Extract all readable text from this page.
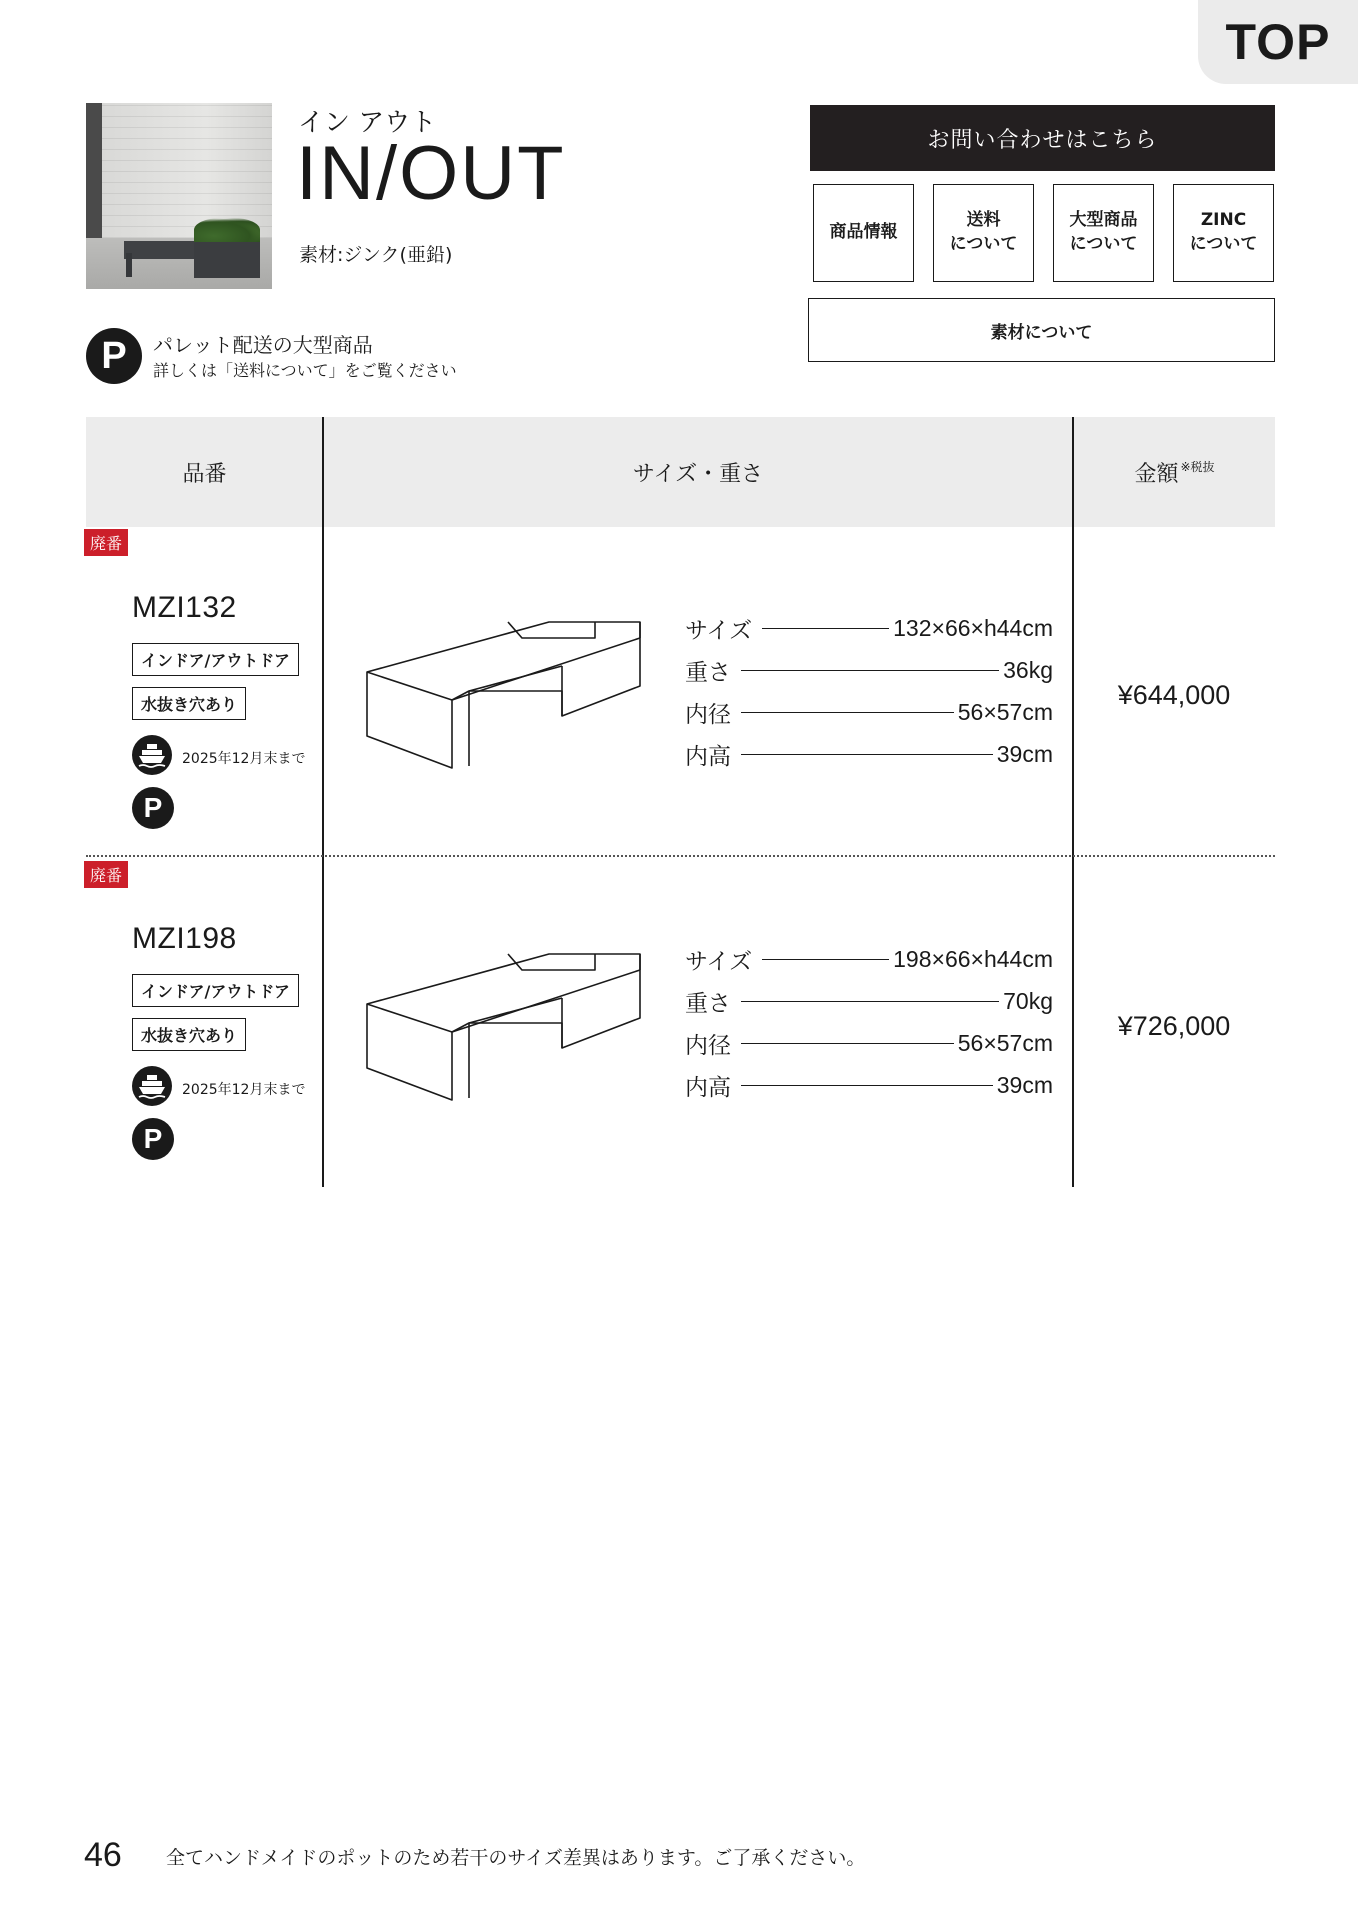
TOP
イン アウト
IN/OUT
素材:ジンク(亜鉛)
P	パレット配送の大型商品
詳しくは「送料について」をご覧ください
お問い合わせはこちら
商品情報
送料
について
大型商品
について
ZINC
について
素材について
品番	サイズ・重さ	金額$^{※税抜}$
廃番
MZI132
インドア/アウトドア
水抜き穴あり
2025年12月末まで
P
サイズ	132×66×h44cm
重さ	36kg
内径	56×57cm
内高	39cm
¥644,000
廃番
MZI198
インドア/アウトドア
水抜き穴あり
2025年12月末まで
P
サイズ	198×66×h44cm
重さ	70kg
内径	56×57cm
内高	39cm
¥726,000
46 全てハンドメイドのポットのため若干のサイズ差異はあります。ご了承ください。
